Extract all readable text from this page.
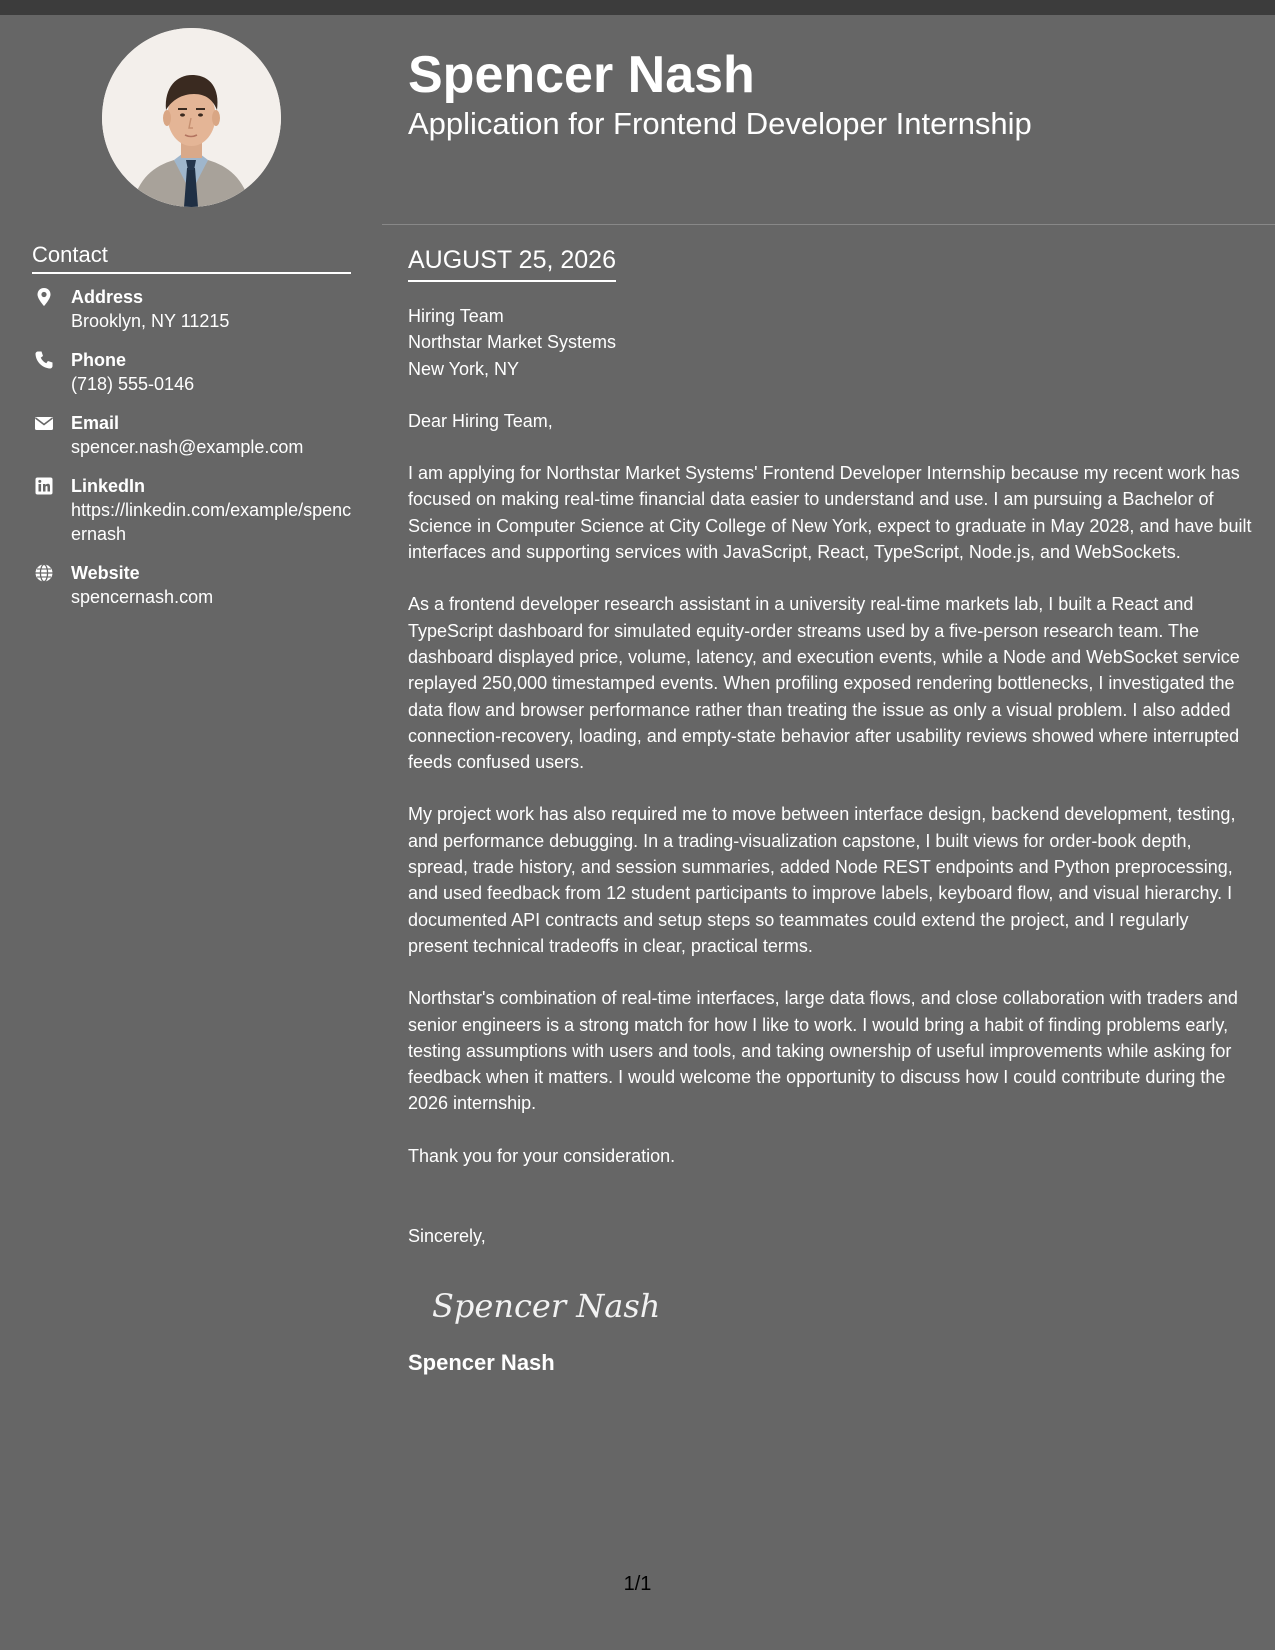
Contact
Address
Brooklyn, NY 11215
Phone
(718) 555-0146
Email
spencer.nash@example.com
LinkedIn
https://linkedin.com/example/spencernash
Website
spencernash.com
Spencer Nash
Application for Frontend Developer Internship
AUGUST 25, 2026

Hiring Team
Northstar Market Systems
New York, NY

Dear Hiring Team,

I am applying for Northstar Market Systems' Frontend Developer Internship because my recent work has focused on making real-time financial data easier to understand and use. I am pursuing a Bachelor of Science in Computer Science at City College of New York, expect to graduate in May 2028, and have built interfaces and supporting services with JavaScript, React, TypeScript, Node.js, and WebSockets.

As a frontend developer research assistant in a university real-time markets lab, I built a React and TypeScript dashboard for simulated equity-order streams used by a five-person research team. The dashboard displayed price, volume, latency, and execution events, while a Node and WebSocket service replayed 250,000 timestamped events. When profiling exposed rendering bottlenecks, I investigated the data flow and browser performance rather than treating the issue as only a visual problem. I also added connection-recovery, loading, and empty-state behavior after usability reviews showed where interrupted feeds confused users.

My project work has also required me to move between interface design, backend development, testing, and performance debugging. In a trading-visualization capstone, I built views for order-book depth, spread, trade history, and session summaries, added Node REST endpoints and Python preprocessing, and used feedback from 12 student participants to improve labels, keyboard flow, and visual hierarchy. I documented API contracts and setup steps so teammates could extend the project, and I regularly present technical tradeoffs in clear, practical terms.

Northstar's combination of real-time interfaces, large data flows, and close collaboration with traders and senior engineers is a strong match for how I like to work. I would bring a habit of finding problems early, testing assumptions with users and tools, and taking ownership of useful improvements while asking for feedback when it matters. I would welcome the opportunity to discuss how I could contribute during the 2026 internship.

Thank you for your consideration.

Sincerely,

Spencer Nash
Spencer Nash
1/1
